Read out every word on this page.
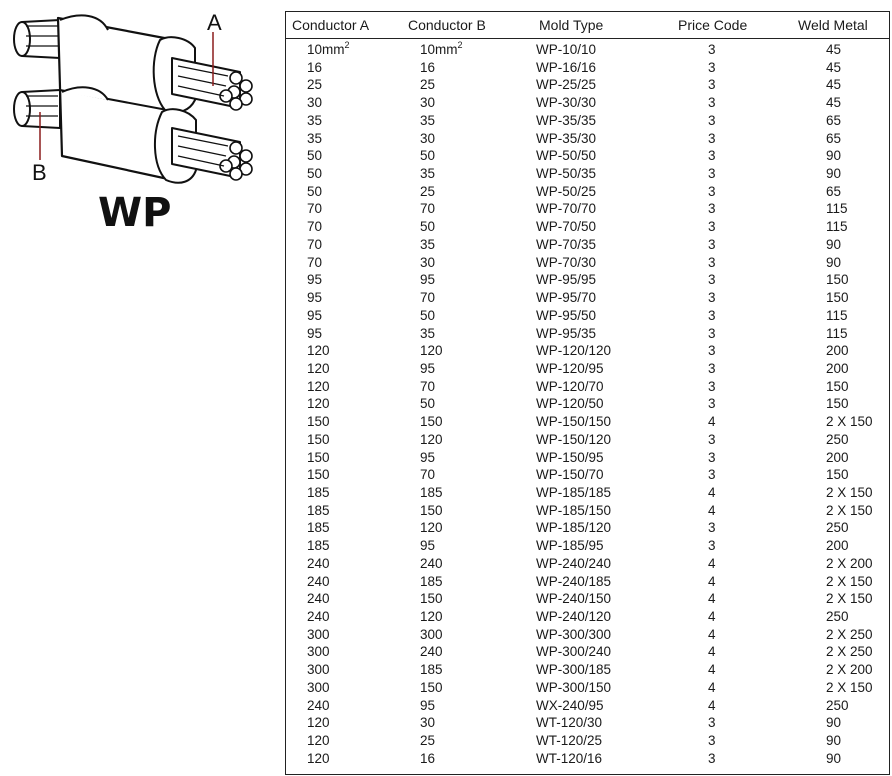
A
B
WP
Conductor A	Conductor B	Mold Type	Price Code	Weld Metal
$10mm^2$	$10mm^2$	WP-10/10	3	45
16	16	WP-16/16	3	45
25	25	WP-25/25	3	45
30	30	WP-30/30	3	45
35	35	WP-35/35	3	65
35	30	WP-35/30	3	65
50	50	WP-50/50	3	90
50	35	WP-50/35	3	90
50	25	WP-50/25	3	65
70	70	WP-70/70	3	115
70	50	WP-70/50	3	115
70	35	WP-70/35	3	90
70	30	WP-70/30	3	90
95	95	WP-95/95	3	150
95	70	WP-95/70	3	150
95	50	WP-95/50	3	115
95	35	WP-95/35	3	115
120	120	WP-120/120	3	200
120	95	WP-120/95	3	200
120	70	WP-120/70	3	150
120	50	WP-120/50	3	150
150	150	WP-150/150	4	2 X 150
150	120	WP-150/120	3	250
150	95	WP-150/95	3	200
150	70	WP-150/70	3	150
185	185	WP-185/185	4	2 X 150
185	150	WP-185/150	4	2 X 150
185	120	WP-185/120	3	250
185	95	WP-185/95	3	200
240	240	WP-240/240	4	2 X 200
240	185	WP-240/185	4	2 X 150
240	150	WP-240/150	4	2 X 150
240	120	WP-240/120	4	250
300	300	WP-300/300	4	2 X 250
300	240	WP-300/240	4	2 X 250
300	185	WP-300/185	4	2 X 200
300	150	WP-300/150	4	2 X 150
240	95	WX-240/95	4	250
120	30	WT-120/30	3	90
120	25	WT-120/25	3	90
120	16	WT-120/16	3	90
